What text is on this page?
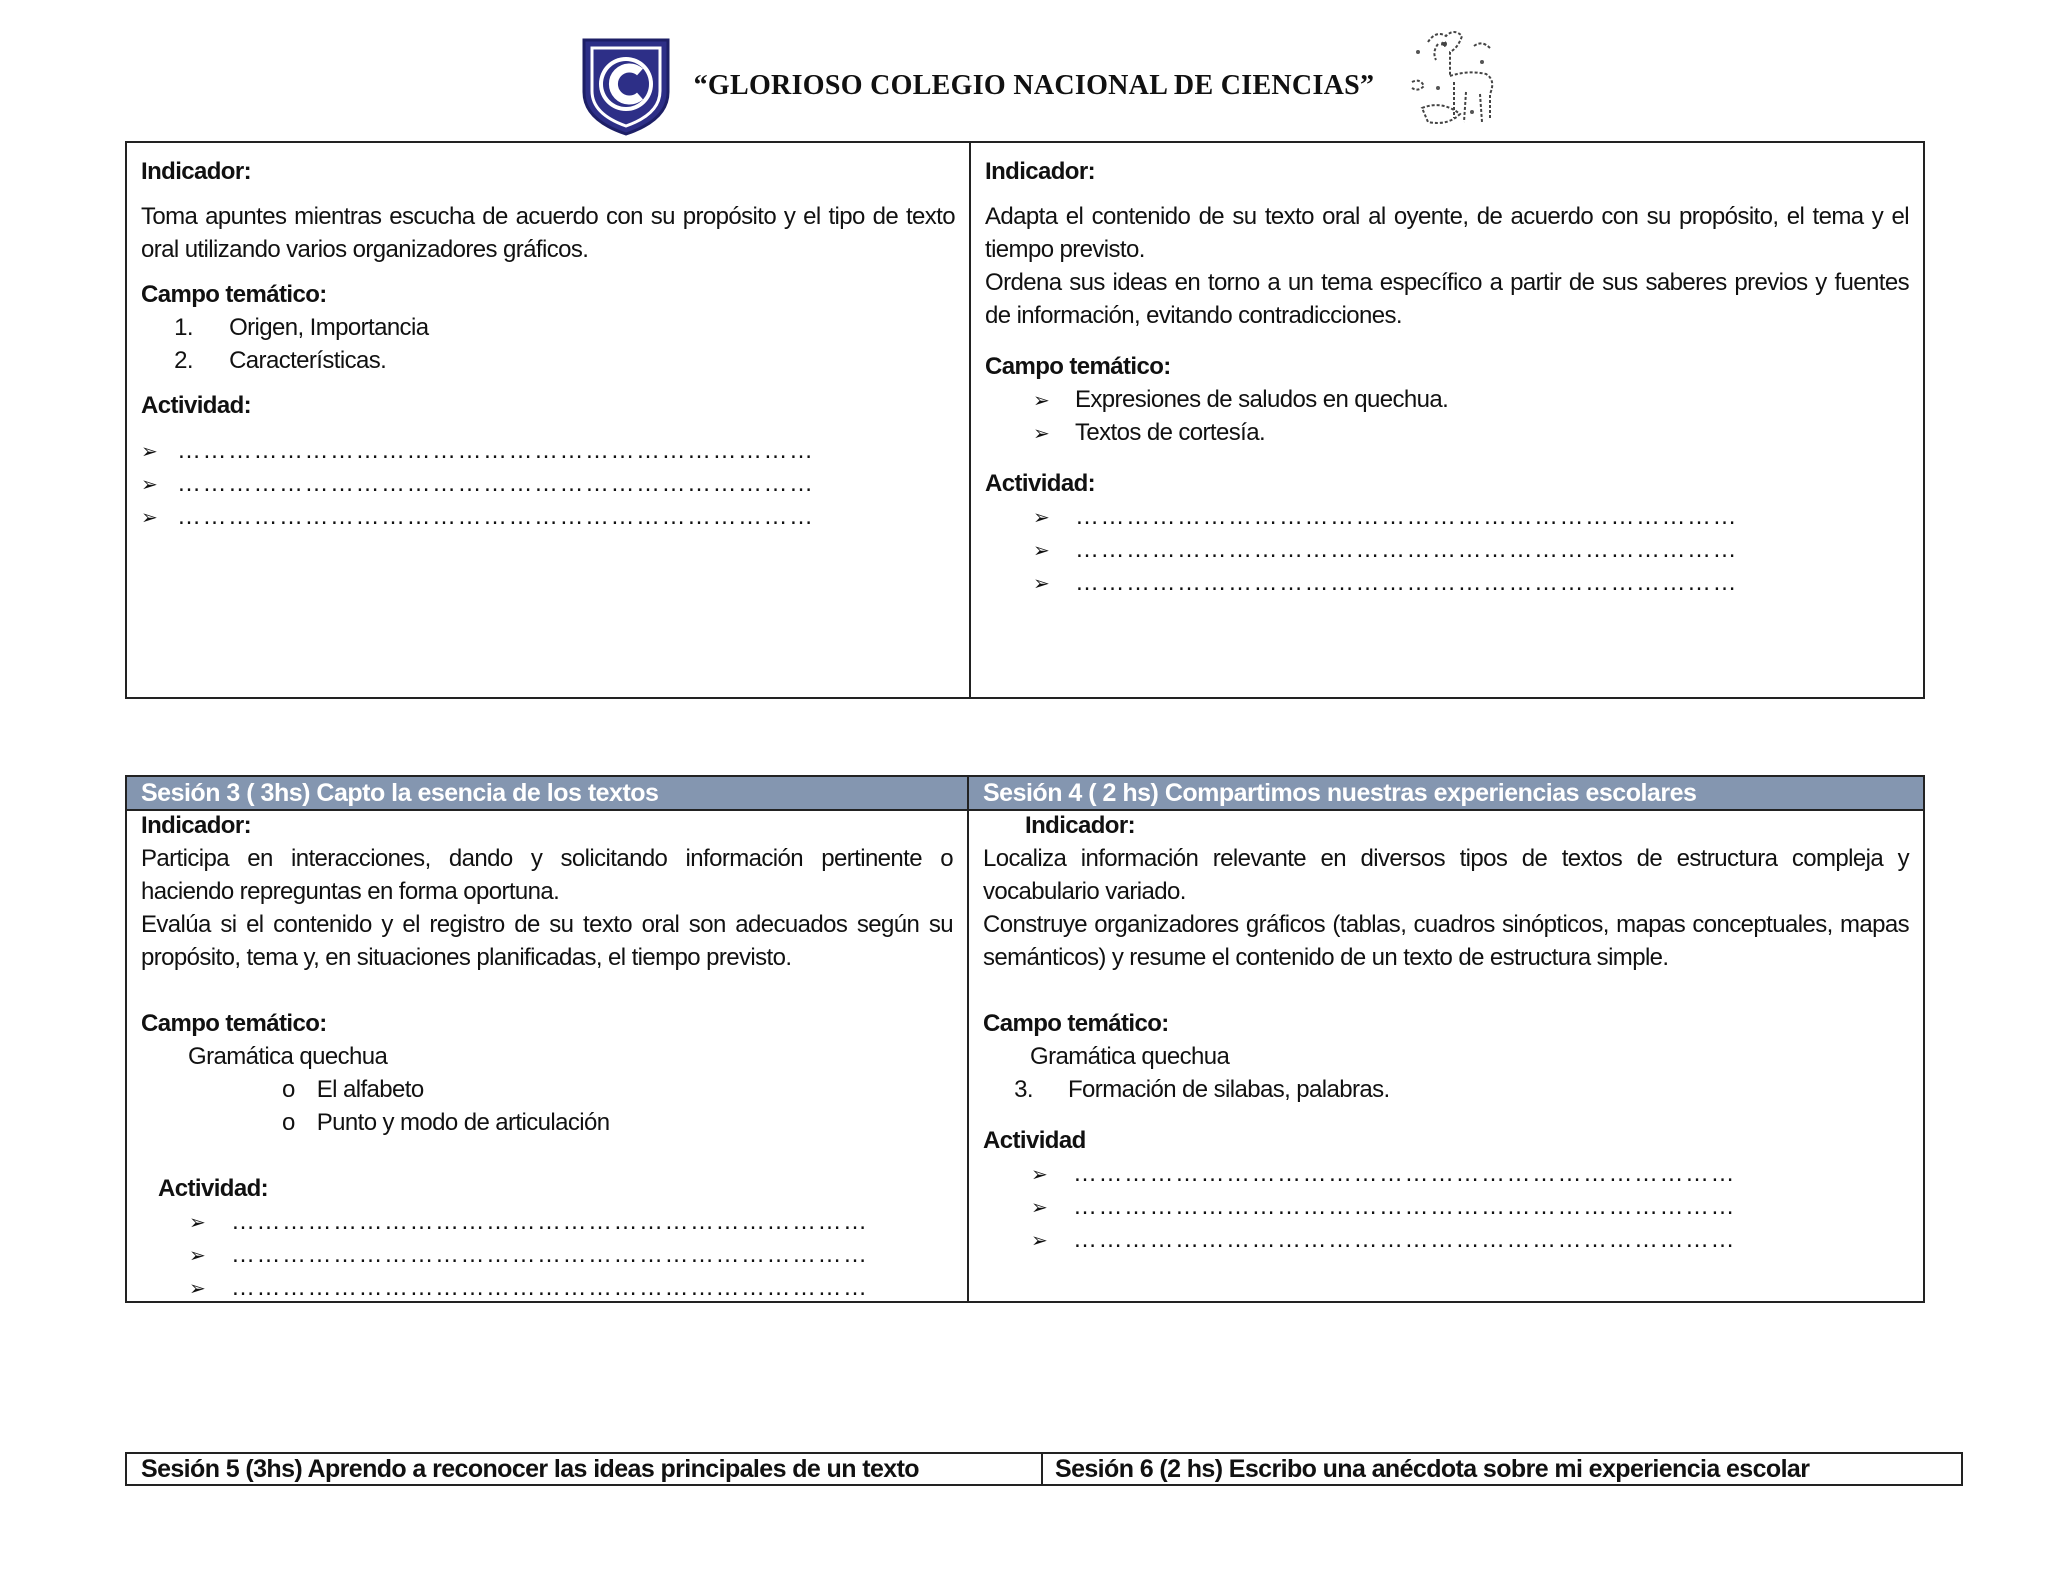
“GLORIOSO COLEGIO NACIONAL DE CIENCIAS”

Indicador:

Toma apuntes mientras escucha de acuerdo con su propósito y el tipo de texto oral utilizando varios organizadores gráficos.

Campo temático:

1. Origen, Importancia
2. Características.

Actividad:

➢ …………………………………………………………………
➢ …………………………………………………………………
➢ …………………………………………………………………

Indicador:

Adapta el contenido de su texto oral al oyente, de acuerdo con su propósito, el tema y el tiempo previsto.

Ordena sus ideas en torno a un tema específico a partir de sus saberes previos y fuentes de información, evitando contradicciones.

Campo temático:

➢ Expresiones de saludos en quechua.
➢ Textos de cortesía.

Actividad:

➢ ……………………………………………………………………
➢ ……………………………………………………………………
➢ ……………………………………………………………………
Sesión 3 ( 3hs) Capto la esencia de los textos	Sesión 4 ( 2 hs) Compartimos nuestras experiencias escolares

Indicador:

Participa en interacciones, dando y solicitando información pertinente o haciendo repreguntas en forma oportuna.

Evalúa si el contenido y el registro de su texto oral son adecuados según su propósito, tema y, en situaciones planificadas, el tiempo previsto.

Campo temático:

Gramática quechua

o El alfabeto
o Punto y modo de articulación

Actividad:

➢ …………………………………………………………………
➢ …………………………………………………………………
➢ …………………………………………………………………

Indicador:

Localiza información relevante en diversos tipos de textos de estructura compleja y vocabulario variado.

Construye organizadores gráficos (tablas, cuadros sinópticos, mapas conceptuales, mapas semánticos) y resume el contenido de un texto de estructura simple.

Campo temático:

Gramática quechua

3. Formación de silabas, palabras.

Actividad

➢ ……………………………………………………………………
➢ ……………………………………………………………………
➢ ……………………………………………………………………
Sesión 5 (3hs) Aprendo a reconocer las ideas principales de un texto	Sesión 6 (2 hs) Escribo una anécdota sobre mi experiencia escolar
